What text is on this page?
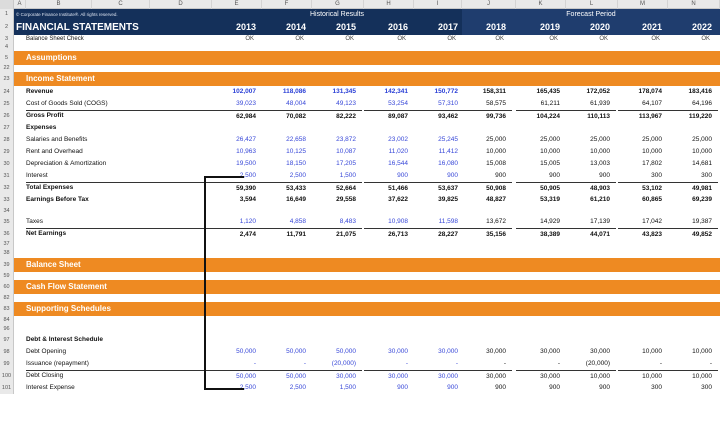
A	B	C	D	E	F	G	H	I	J	K	L	M	N
1	© Corporate Finance Institute®. All rights reserved.	Historical Results	Forecast Period
2 FINANCIAL STATEMENTS	2013	2014	2015	2016	2017	2018	2019	2020	2021	2022
3	Balance Sheet Check	OK	OK	OK	OK	OK	OK	OK	OK	OK	OK
4
5	Assumptions
22
23	Income Statement
24	Revenue	102,007	118,086	131,345	142,341	150,772	158,311	165,435	172,052	178,074	183,416
25	Cost of Goods Sold (COGS)	39,023	48,004	49,123	53,254	57,310	58,575	61,211	61,939	64,107	64,196
26	Gross Profit	62,984	70,082	82,222	89,087	93,462	99,736	104,224	110,113	113,967	119,220
27	Expenses
28	Salaries and Benefits	26,427	22,658	23,872	23,002	25,245	25,000	25,000	25,000	25,000	25,000
29	Rent and Overhead	10,963	10,125	10,087	11,020	11,412	10,000	10,000	10,000	10,000	10,000
30	Depreciation & Amortization	19,500	18,150	17,205	16,544	16,080	15,008	15,005	13,003	17,802	14,681
31	Interest	2,500	2,500	1,500	900	900	900	900	900	300	300
32	Total Expenses	59,390	53,433	52,664	51,466	53,637	50,908	50,905	48,903	53,102	49,981
33	Earnings Before Tax	3,594	16,649	29,558	37,622	39,825	48,827	53,319	61,210	60,865	69,239
34
35	Taxes	1,120	4,858	8,483	10,908	11,598	13,672	14,929	17,139	17,042	19,387
36	Net Earnings	2,474	11,791	21,075	26,713	28,227	35,156	38,389	44,071	43,823	49,852
37
38
39	Balance Sheet
59
60	Cash Flow Statement
82
83	Supporting Schedules
84
96
97	Debt & Interest Schedule
98	Debt Opening	50,000	50,000	50,000	30,000	30,000	30,000	30,000	30,000	10,000	10,000
99	Issuance (repayment)	-	-	(20,000)	-	-	-	-	(20,000)	-	-
100	Debt Closing	50,000	50,000	30,000	30,000	30,000	30,000	30,000	10,000	10,000	10,000
101	Interest Expense	2,500	2,500	1,500	900	900	900	900	900	300	300
